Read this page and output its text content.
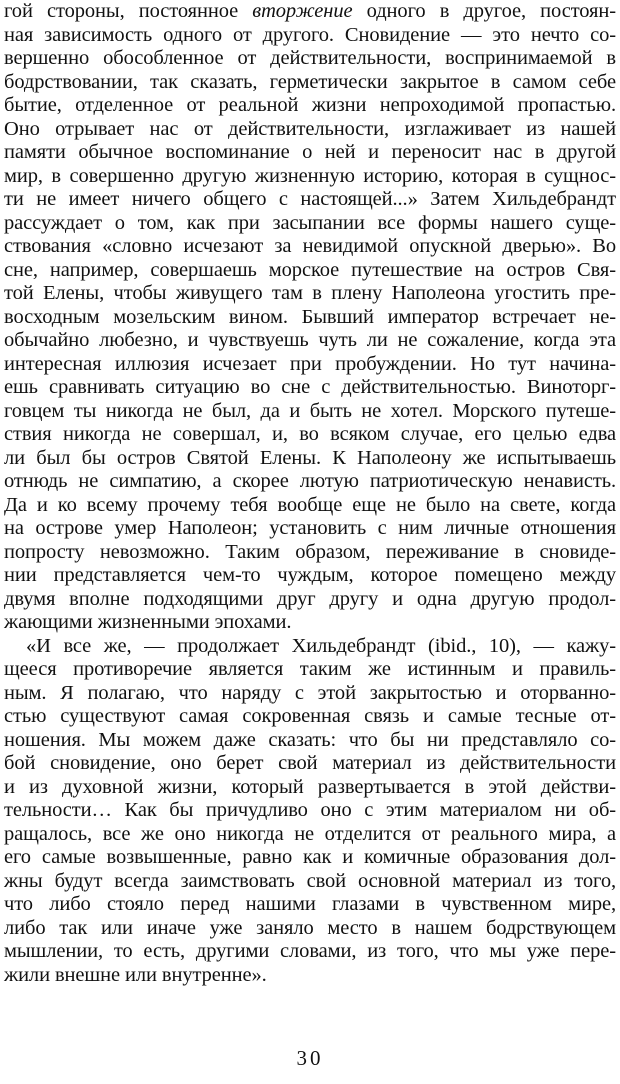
гой стороны, постоянное вторжение одного в другое, постоян-
ная зависимость одного от другого. Сновидение — это нечто со-
вершенно обособленное от действительности, воспринимаемой в
бодрствовании, так сказать, герметически закрытое в самом себе
бытие, отделенное от реальной жизни непроходимой пропастью.
Оно отрывает нас от действительности, изглаживает из нашей
памяти обычное воспоминание о ней и переносит нас в другой
мир, в совершенно другую жизненную историю, которая в сущнос-
ти не имеет ничего общего с настоящей...» Затем Хильдебрандт
рассуждает о том, как при засыпании все формы нашего суще-
ствования «словно исчезают за невидимой опускной дверью». Во
сне, например, совершаешь морское путешествие на остров Свя-
той Елены, чтобы живущего там в плену Наполеона угостить пре-
восходным мозельским вином. Бывший император встречает не-
обычайно любезно, и чувствуешь чуть ли не сожаление, когда эта
интересная иллюзия исчезает при пробуждении. Но тут начина-
ешь сравнивать ситуацию во сне с действительностью. Виноторг-
говцем ты никогда не был, да и быть не хотел. Морского путеше-
ствия никогда не совершал, и, во всяком случае, его целью едва
ли был бы остров Святой Елены. К Наполеону же испытываешь
отнюдь не симпатию, а скорее лютую патриотическую ненависть.
Да и ко всему прочему тебя вообще еще не было на свете, когда
на острове умер Наполеон; установить с ним личные отношения
попросту невозможно. Таким образом, переживание в сновиде-
нии представляется чем-то чуждым, которое помещено между
двумя вполне подходящими друг другу и одна другую продол-
жающими жизненными эпохами.
«И все же, — продолжает Хильдебрандт (ibid., 10), — кажу-
щееся противоречие является таким же истинным и правиль-
ным. Я полагаю, что наряду с этой закрытостью и оторванно-
стью существуют самая сокровенная связь и самые тесные от-
ношения. Мы можем даже сказать: что бы ни представляло со-
бой сновидение, оно берет свой материал из действительности
и из духовной жизни, который развертывается в этой действи-
тельности… Как бы причудливо оно с этим материалом ни об-
ращалось, все же оно никогда не отделится от реального мира, а
его самые возвышенные, равно как и комичные образования дол-
жны будут всегда заимствовать свой основной материал из того,
что либо стояло перед нашими глазами в чувственном мире,
либо так или иначе уже заняло место в нашем бодрствующем
мышлении, то есть, другими словами, из того, что мы уже пере-
жили внешне или внутренне».
30
